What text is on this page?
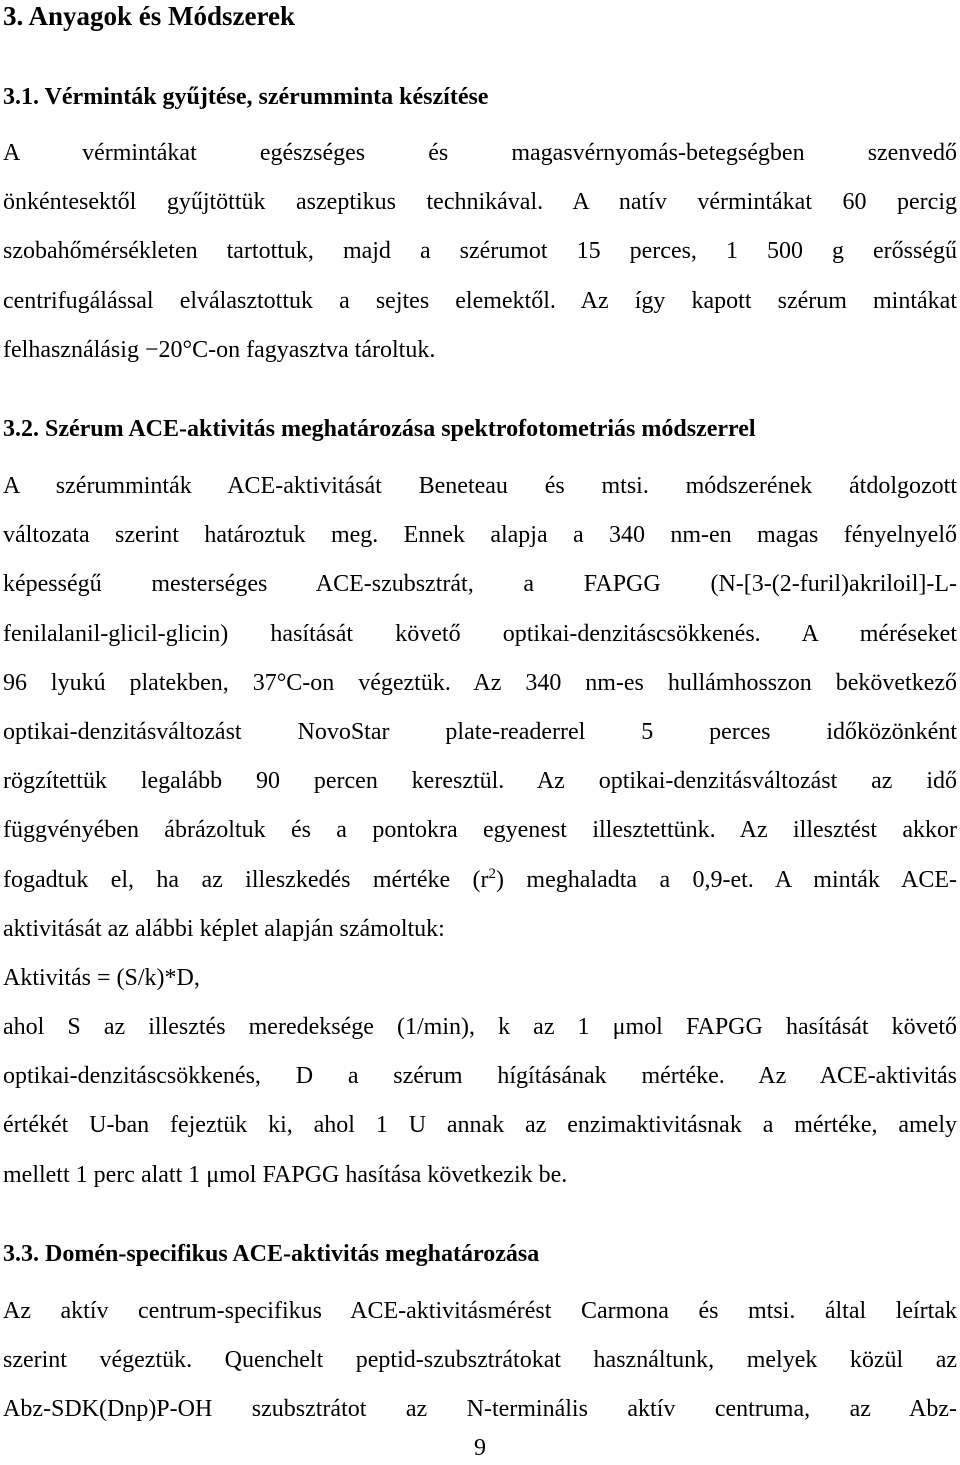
3. Anyagok és Módszerek
3.1. Vérminták gyűjtése, szérumminta készítése
A vérmintákat egészséges és magasvérnyomás-betegségben szenvedő
önkéntesektől gyűjtöttük aszeptikus technikával. A natív vérmintákat 60 percig
szobahőmérsékleten tartottuk, majd a szérumot 15 perces, 1 500 g erősségű
centrifugálással elválasztottuk a sejtes elemektől. Az így kapott szérum mintákat
felhasználásig −20°C-on fagyasztva tároltuk.
3.2. Szérum ACE-aktivitás meghatározása spektrofotometriás módszerrel
A szérumminták ACE-aktivitását Beneteau és mtsi. módszerének átdolgozott
változata szerint határoztuk meg. Ennek alapja a 340 nm-en magas fényelnyelő
képességű mesterséges ACE-szubsztrát, a FAPGG (N-[3-(2-furil)akriloil]-L-
fenilalanil-glicil-glicin) hasítását követő optikai-denzitáscsökkenés. A méréseket
96 lyukú platekben, 37°C-on végeztük. Az 340 nm-es hullámhosszon bekövetkező
optikai-denzitásváltozást NovoStar plate-readerrel 5 perces időközönként
rögzítettük legalább 90 percen keresztül. Az optikai-denzitásváltozást az idő
függvényében ábrázoltuk és a pontokra egyenest illesztettünk. Az illesztést akkor
fogadtuk el, ha az illeszkedés mértéke $(r^2)$ meghaladta a 0,9-et. A minták ACE-
aktivitását az alábbi képlet alapján számoltuk:
Aktivitás = (S/k)*D,
ahol S az illesztés meredeksége (1/min), k az 1 μmol FAPGG hasítását követő
optikai-denzitáscsökkenés, D a szérum hígításának mértéke. Az ACE-aktivitás
értékét U-ban fejeztük ki, ahol 1 U annak az enzimaktivitásnak a mértéke, amely
mellett 1 perc alatt 1 μmol FAPGG hasítása következik be.
3.3. Domén-specifikus ACE-aktivitás meghatározása
Az aktív centrum-specifikus ACE-aktivitásmérést Carmona és mtsi. által leírtak
szerint végeztük. Quenchelt peptid-szubsztrátokat használtunk, melyek közül az
Abz-SDK(Dnp)P-OH szubsztrátot az N-terminális aktív centruma, az Abz-
9
